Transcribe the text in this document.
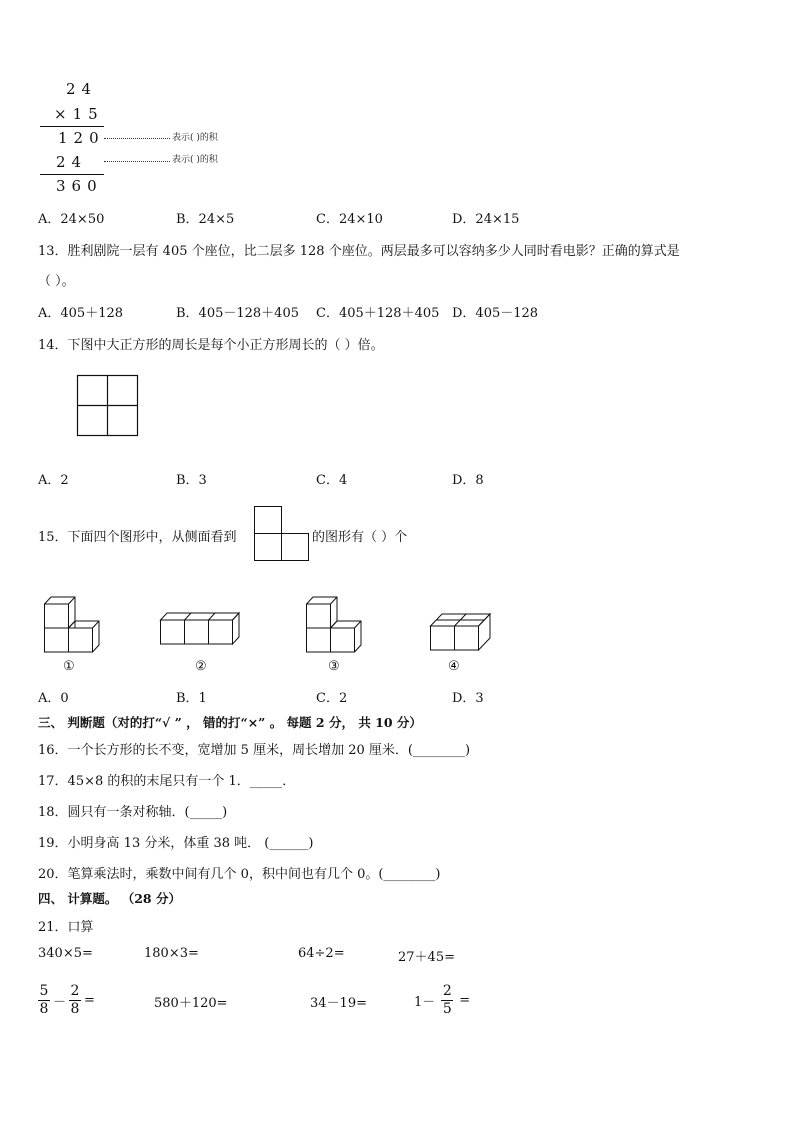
24
×15
120	表示( )的积
24	表示( )的积
360
A．24×50	B．24×5	C．24×10	D．24×15
13．胜利剧院一层有 405 个座位，比二层多 128 个座位。两层最多可以容纳多少人同时看电影？正确的算式是
（ ）。
A．405＋128	B．405－128＋405 C．405＋128＋405 D．405－128
14．下图中大正方形的周长是每个小正方形周长的（ ）倍。
A．2	B．3	C．4	D．8
15．下面四个图形中，从侧面看到	的图形有（ ）个
①	②	③	④
A．0	B．1	C．2	D．3
三、 判断题（对的打“√ ” ， 错的打“×” 。 每题 2 分， 共 10 分）
16．一个长方形的长不变，宽增加 5 厘米，周长增加 20 厘米．(________)
17．45×8 的积的末尾只有一个 1．_____．
18．圆只有一条对称轴．(_____)
19．小明身高 13 分米，体重 38 吨． (______)
20．笔算乘法时，乘数中间有几个 0，积中间也有几个 0。(________)
四、 计算题。 （28 分）
21．口算
340×5=	180×3=	64÷2=	27＋45=
$\frac{5}{8} - \frac{2}{8}$ =	580＋120=	34－19=	$1- \frac{2}{5}$ =
